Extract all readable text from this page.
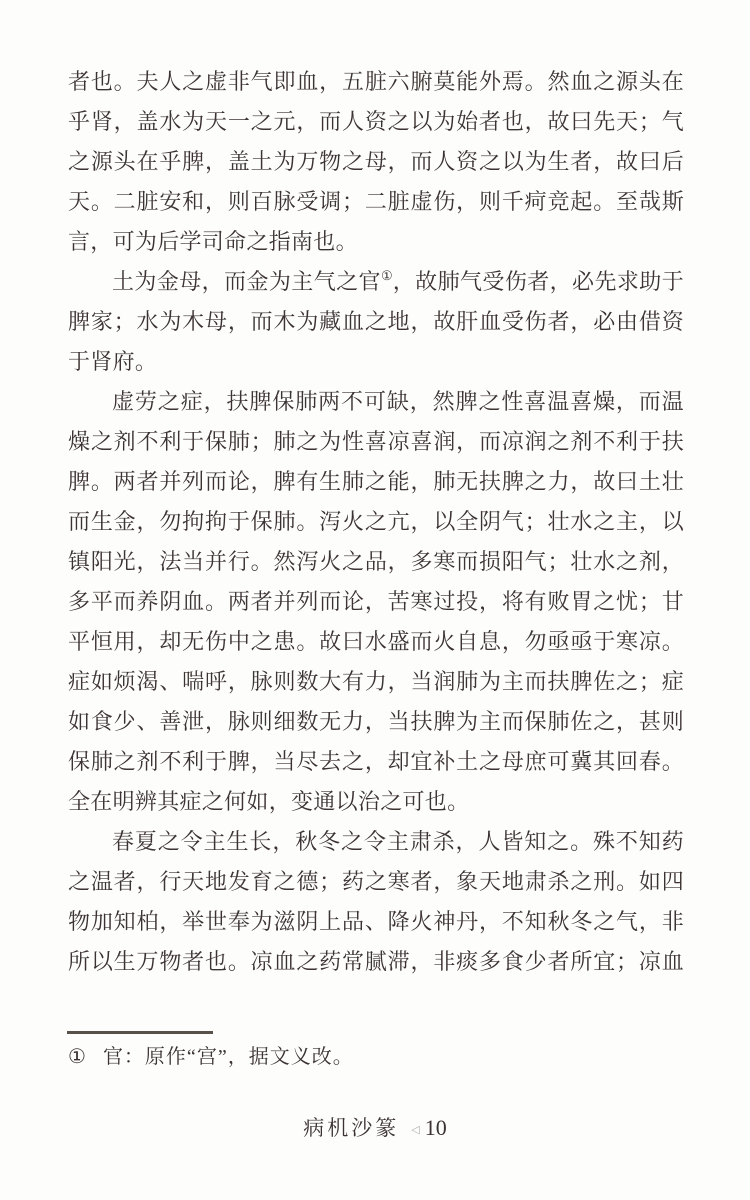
者也。夫人之虚非气即血，五脏六腑莫能外焉。然血之源头在
乎肾，盖水为天一之元，而人资之以为始者也，故曰先天；气
之源头在乎脾，盖土为万物之母，而人资之以为生者，故曰后
天。二脏安和，则百脉受调；二脏虚伤，则千疴竞起。至哉斯
言，可为后学司命之指南也。
土为金母，而金为主气之官①，故肺气受伤者，必先求助于
脾家；水为木母，而木为藏血之地，故肝血受伤者，必由借资
于肾府。
虚劳之症，扶脾保肺两不可缺，然脾之性喜温喜燥，而温
燥之剂不利于保肺；肺之为性喜凉喜润，而凉润之剂不利于扶
脾。两者并列而论，脾有生肺之能，肺无扶脾之力，故曰土壮
而生金，勿拘拘于保肺。泻火之亢，以全阴气；壮水之主，以
镇阳光，法当并行。然泻火之品，多寒而损阳气；壮水之剂，
多平而养阴血。两者并列而论，苦寒过投，将有败胃之忧；甘
平恒用，却无伤中之患。故曰水盛而火自息，勿亟亟于寒凉。
症如烦渴、喘呼，脉则数大有力，当润肺为主而扶脾佐之；症
如食少、善泄，脉则细数无力，当扶脾为主而保肺佐之，甚则
保肺之剂不利于脾，当尽去之，却宜补土之母庶可冀其回春。
全在明辨其症之何如，变通以治之可也。
春夏之令主生长，秋冬之令主肃杀，人皆知之。殊不知药
之温者，行天地发育之德；药之寒者，象天地肃杀之刑。如四
物加知柏，举世奉为滋阴上品、降火神丹，不知秋冬之气，非
所以生万物者也。凉血之药常腻滞，非痰多食少者所宜；凉血
① 官：原作“宫”，据文义改。
病机沙篆 ◁ 10
